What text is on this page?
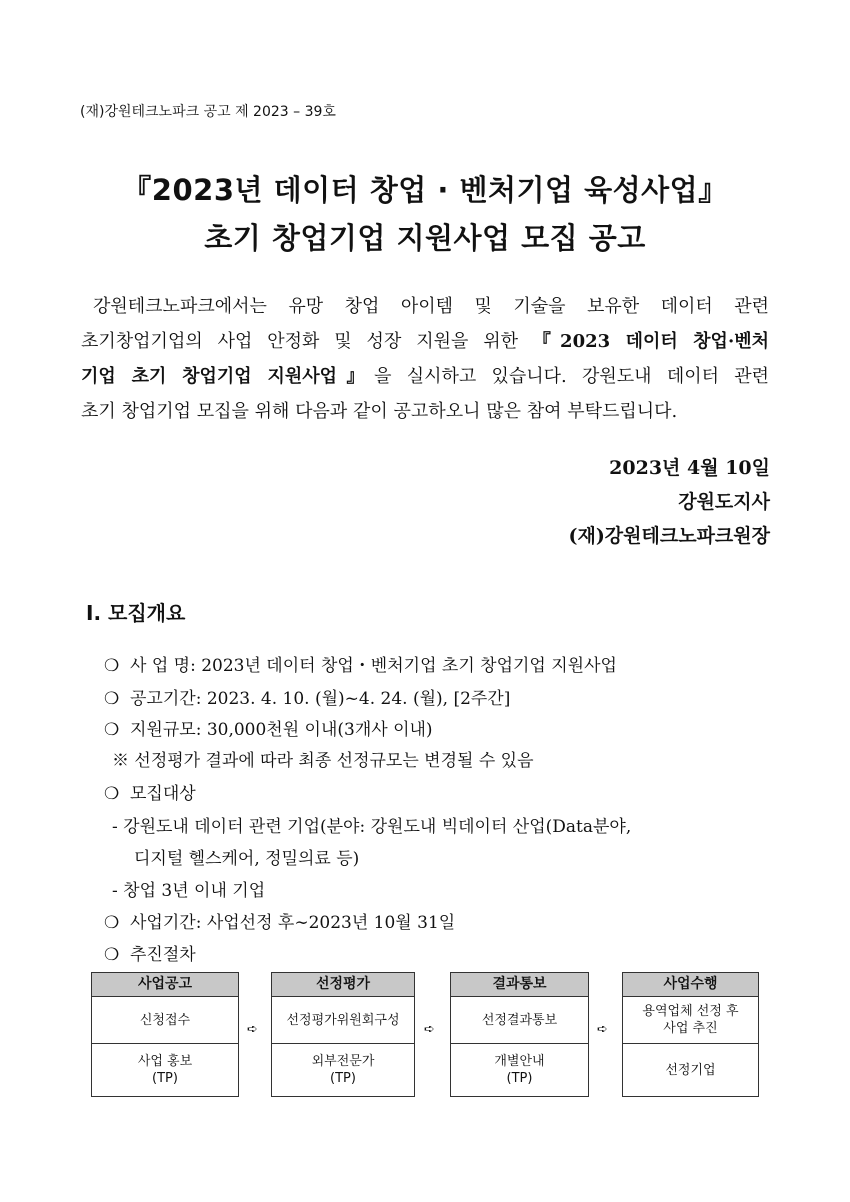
(재)강원테크노파크 공고 제 2023 – 39호
『2023년 데이터 창업 · 벤처기업 육성사업』
초기 창업기업 지원사업 모집 공고
강원테크노파크에서는 유망 창업 아이템 및 기술을 보유한 데이터 관련
초기창업기업의 사업 안정화 및 성장 지원을 위한 『2023 데이터 창업·벤처
기업 초기 창업기업 지원사업』을 실시하고 있습니다. 강원도내 데이터 관련
초기 창업기업 모집을 위해 다음과 같이 공고하오니 많은 참여 부탁드립니다.
2023년 4월 10일
강원도지사
(재)강원테크노파크원장
Ⅰ. 모집개요
❍ 사 업 명: 2023년 데이터 창업・벤처기업 초기 창업기업 지원사업
❍ 공고기간: 2023. 4. 10. (월)~4. 24. (월), [2주간]
❍ 지원규모: 30,000천원 이내(3개사 이내)
※ 선정평가 결과에 따라 최종 선정규모는 변경될 수 있음
❍ 모집대상
- 강원도내 데이터 관련 기업(분야: 강원도내 빅데이터 산업(Data분야,
디지털 헬스케어, 정밀의료 등)
- 창업 3년 이내 기업
❍ 사업기간: 사업선정 후∼2023년 10월 31일
❍ 추진절차
사업공고
신청접수
사업 홍보
(TP)
➪
선정평가
선정평가위원회구성
외부전문가
(TP)
➪
결과통보
선정결과통보
개별안내
(TP)
➪
사업수행
용역업체 선정 후
사업 추진
선정기업
